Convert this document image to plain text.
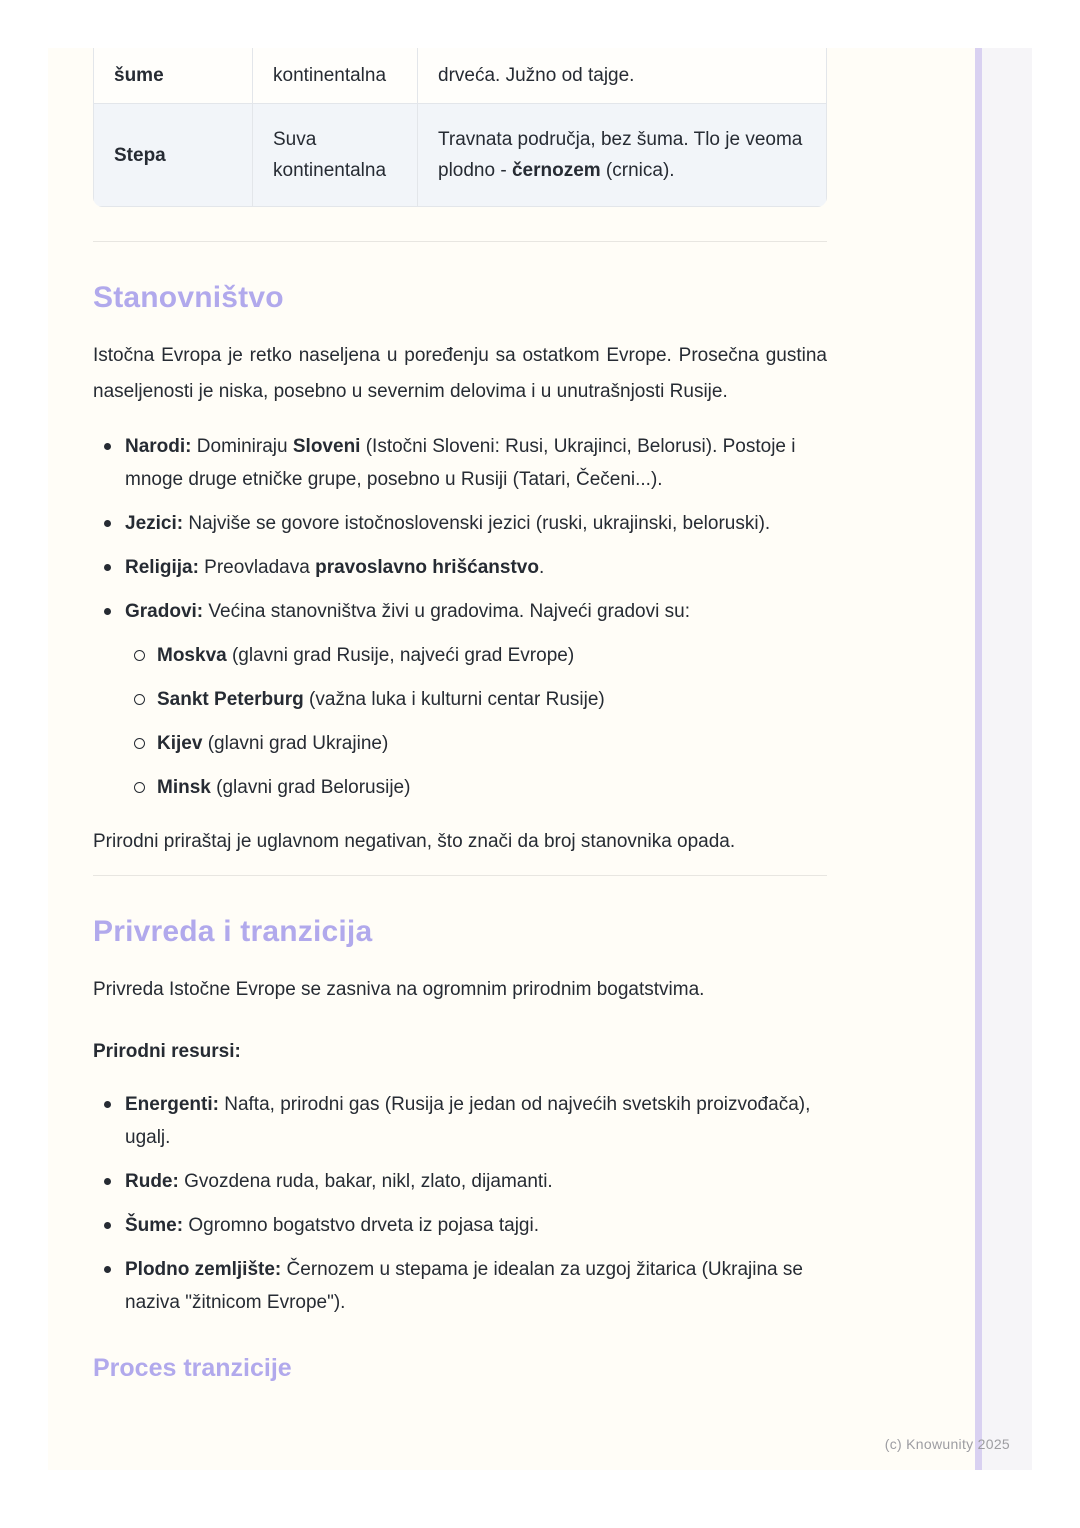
šume	kontinentalna	drveća. Južno od tajge.
Stepa	Suva kontinentalna	Travnata područja, bez šuma. Tlo je veoma plodno - černozem (crnica).
Stanovništvo

Istočna Evropa je retko naseljena u poređenju sa ostatkom Evrope. Prosečna gustina naseljenosti je niska, posebno u severnim delovima i u unutrašnjosti Rusije.

Narodi: Dominiraju Sloveni (Istočni Sloveni: Rusi, Ukrajinci, Belorusi). Postoje i mnoge druge etničke grupe, posebno u Rusiji (Tatari, Čečeni...).
Jezici: Najviše se govore istočnoslovenski jezici (ruski, ukrajinski, beloruski).
Religija: Preovladava pravoslavno hrišćanstvo.
Gradovi: Većina stanovništva živi u gradovima. Najveći gradovi su:
Moskva (glavni grad Rusije, najveći grad Evrope)
Sankt Peterburg (važna luka i kulturni centar Rusije)
Kijev (glavni grad Ukrajine)
Minsk (glavni grad Belorusije)

Prirodni priraštaj je uglavnom negativan, što znači da broj stanovnika opada.

Privreda i tranzicija

Privreda Istočne Evrope se zasniva na ogromnim prirodnim bogatstvima.

Prirodni resursi:

Energenti: Nafta, prirodni gas (Rusija je jedan od najvećih svetskih proizvođača), ugalj.
Rude: Gvozdena ruda, bakar, nikl, zlato, dijamanti.
Šume: Ogromno bogatstvo drveta iz pojasa tajgi.
Plodno zemljište: Černozem u stepama je idealan za uzgoj žitarica (Ukrajina se naziva "žitnicom Evrope").
Proces tranzicije
(c) Knowunity 2025
